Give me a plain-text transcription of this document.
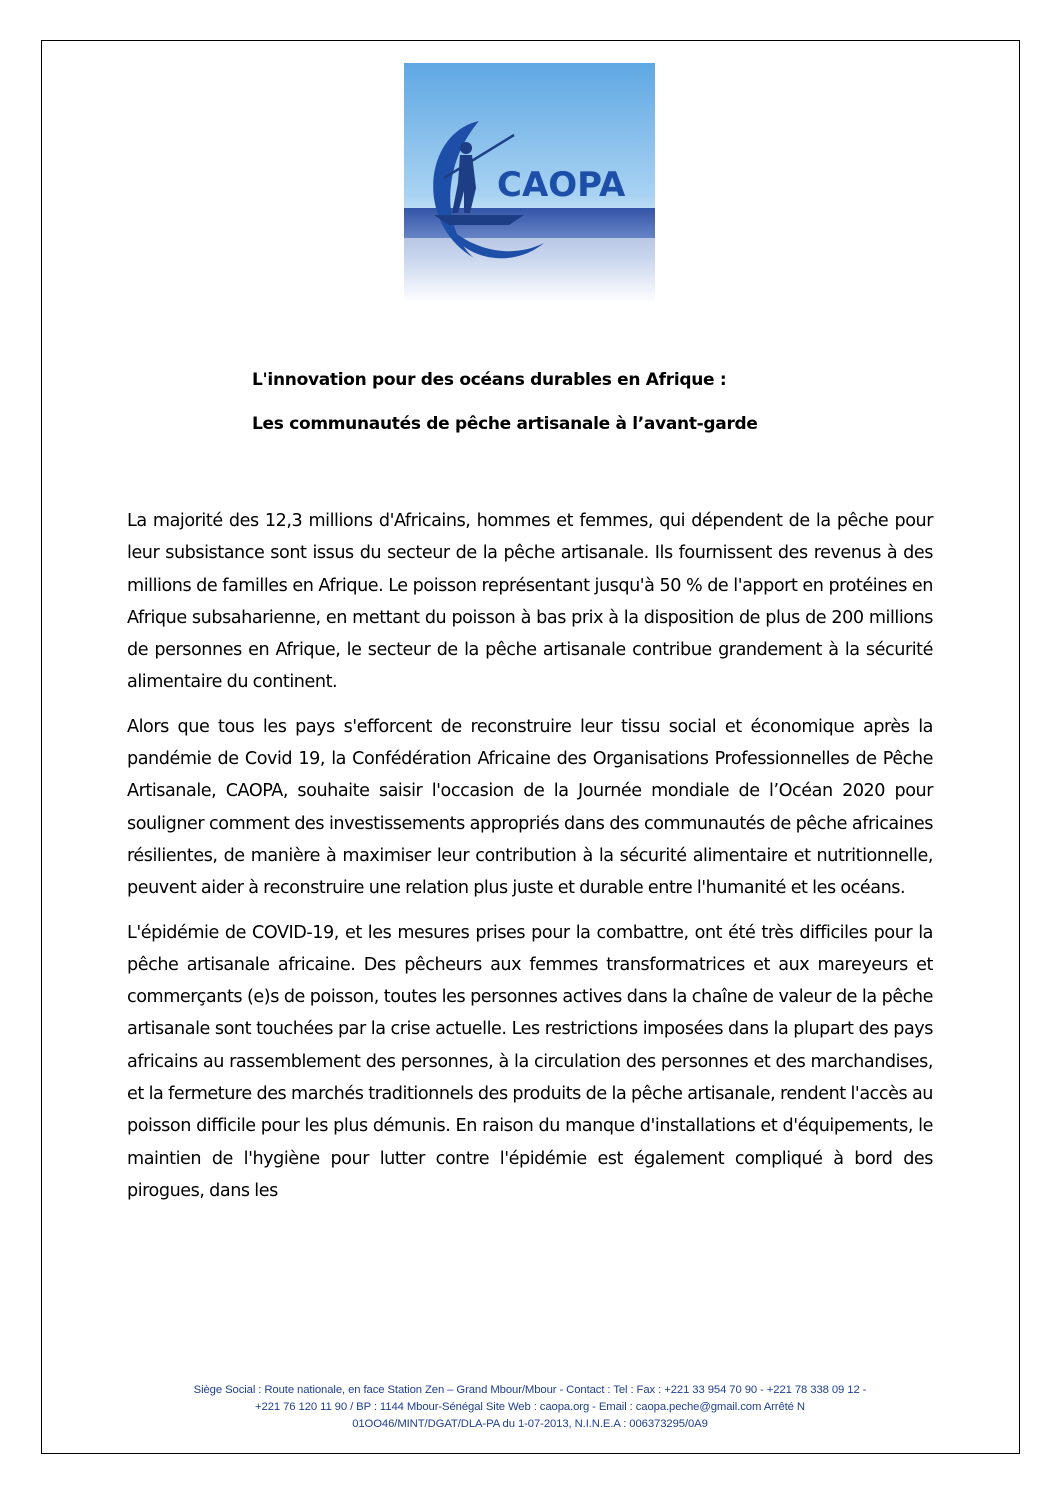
CAOPA
L'innovation pour des océans durables en Afrique :
Les communautés de pêche artisanale à l’avant-garde

La majorité des 12,3 millions d'Africains, hommes et femmes, qui dépendent de la pêche pour leur subsistance sont issus du secteur de la pêche artisanale. Ils fournissent des revenus à des millions de familles en Afrique. Le poisson représentant jusqu'à 50 % de l'apport en protéines en Afrique subsaharienne, en mettant du poisson à bas prix à la disposition de plus de 200 millions de personnes en Afrique, le secteur de la pêche artisanale contribue grandement à la sécurité alimentaire du continent.

Alors que tous les pays s'efforcent de reconstruire leur tissu social et économique après la pandémie de Covid 19, la Confédération Africaine des Organisations Professionnelles de Pêche Artisanale, CAOPA, souhaite saisir l'occasion de la Journée mondiale de l’Océan 2020 pour souligner comment des investissements appropriés dans des communautés de pêche africaines résilientes, de manière à maximiser leur contribution à la sécurité alimentaire et nutritionnelle, peuvent aider à reconstruire une relation plus juste et durable entre l'humanité et les océans.

L'épidémie de COVID-19, et les mesures prises pour la combattre, ont été très difficiles pour la pêche artisanale africaine. Des pêcheurs aux femmes transformatrices et aux mareyeurs et commerçants (e)s de poisson, toutes les personnes actives dans la chaîne de valeur de la pêche artisanale sont touchées par la crise actuelle. Les restrictions imposées dans la plupart des pays africains au rassemblement des personnes, à la circulation des personnes et des marchandises, et la fermeture des marchés traditionnels des produits de la pêche artisanale, rendent l'accès au poisson difficile pour les plus démunis. En raison du manque d'installations et d'équipements, le maintien de l'hygiène pour lutter contre l'épidémie est également compliqué à bord des pirogues, dans les

Siège Social : Route nationale, en face Station Zen – Grand Mbour/Mbour - Contact : Tel : Fax : +221 33 954 70 90 - +221 78 338 09 12 -
+221 76 120 11 90 / BP : 1144 Mbour-Sénégal Site Web : caopa.org - Email : caopa.peche@gmail.com Arrêté N
01OO46/MINT/DGAT/DLA-PA du 1-07-2013, N.I.N.E.A : 006373295/0A9
